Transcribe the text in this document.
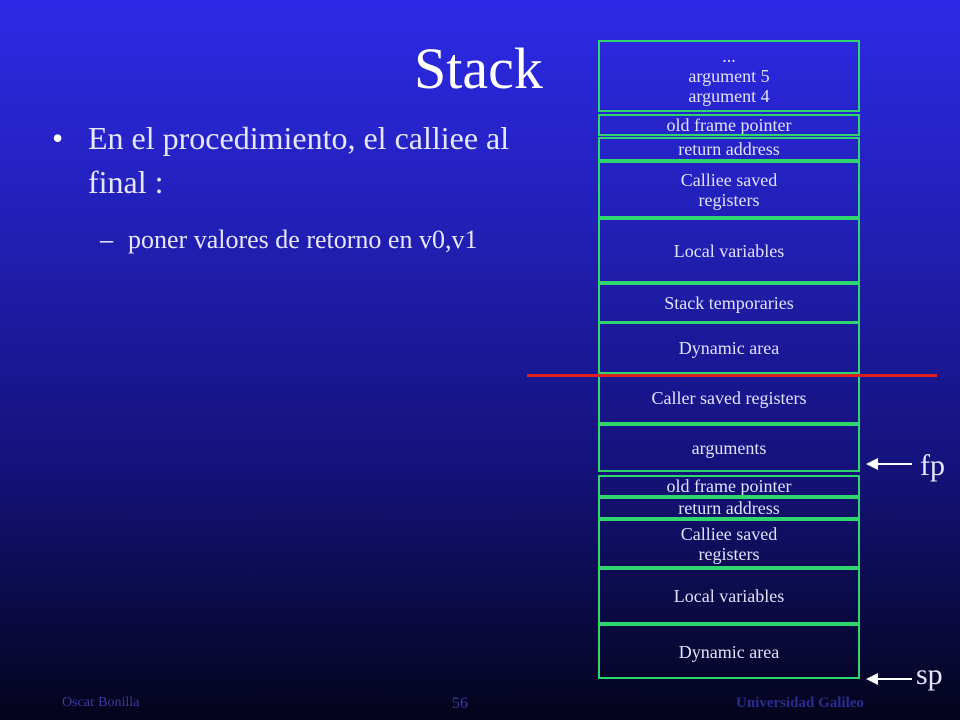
Stack
• En el procedimiento, el calliee al final :
– poner valores de retorno en v0,v1
...
argument 5
argument 4
old frame pointer
return address
Calliee saved
registers
Local variables
Stack temporaries
Dynamic area
Caller saved registers
arguments
old frame pointer
return address
Calliee saved
registers
Local variables
Dynamic area
fp
sp
Oscar Bonilla	56	Universidad Galileo
